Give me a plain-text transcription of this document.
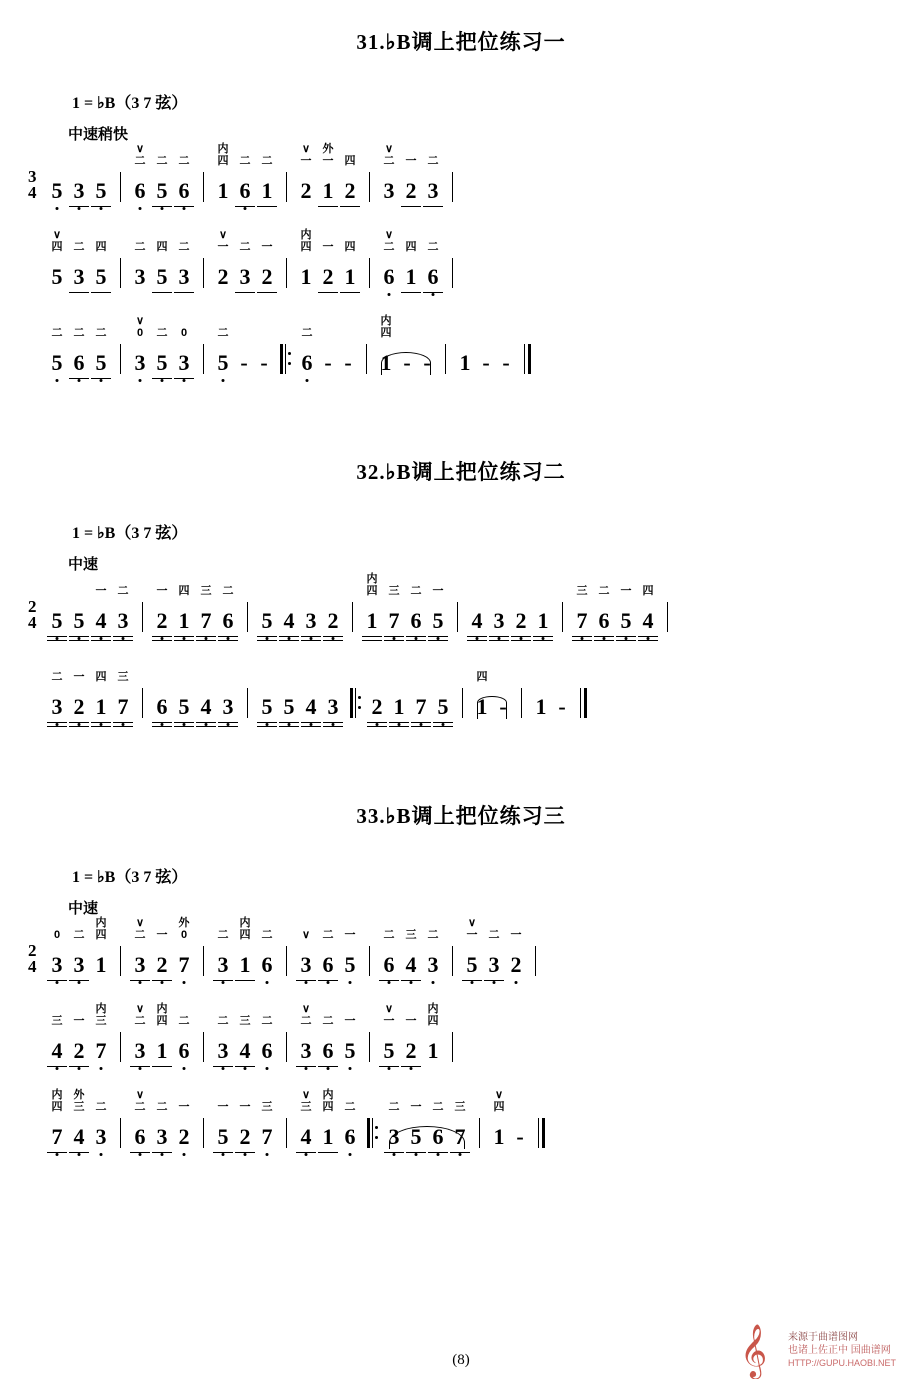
31.♭B调上把位练习一
1 = ♭B（3 7 弦）
中速稍快
3
4 5 3 5 6
∨
二
5
二
6
二
1
内
四
6
二
1
二
2
∨
一
1
外
一
2
四
3
∨
二
2
一
3
二
5
∨
四
3
二
5
四
3
二
5
四
3
二
2
∨
一
3
二
2
一
1
内
四
2
一
1
四
6
∨
二
1
四
6
二
5
二
6
二
5
二
3
∨
0
5
二
3
0
5
二
- - 6
二
- - 1
内
四
- - 1 - -
32.♭B调上把位练习二
1 = ♭B（3 7 弦）
中速
2
4 5 5 4
一
3
二
2
一
1
四
7
三
6
二
5 4 3 2 1
内
四
7
三
6
二
5
一
4 3 2 1 7
三
6
二
5
一
4
四
3
二
2
一
1
四
7
三
6 5 4 3 5 5 4 3 2 1 7 5 1
四
- 1 -
33.♭B调上把位练习三
1 = ♭B（3 7 弦）
中速
2
4 3
0
3
二
1
内
四
3
∨
二
2
一
7
外
0
3
二
1
内
四
6
二
3
∨
6
二
5
一
6
二
4
三
3
二
5
∨
一
3
二
2
一
4
三
2
一
7
内
三
3
∨
二
1
内
四
6
二
3
二
4
三
6
二
3
∨
二
6
二
5
一
5
∨
一
2
一
1
内
四
7
内
四
4
外
三
3
二
6
∨
二
3
二
2
一
5
一
2
一
7
三
4
∨
三
1
内
四
6
二
3
二
5
一
6
二
7
三
1
∨
四
-
(8)	𝄞 来源于曲谱图网
也诸上佐正中 国曲谱网
HTTP://GUPU.HAOBI.NET
